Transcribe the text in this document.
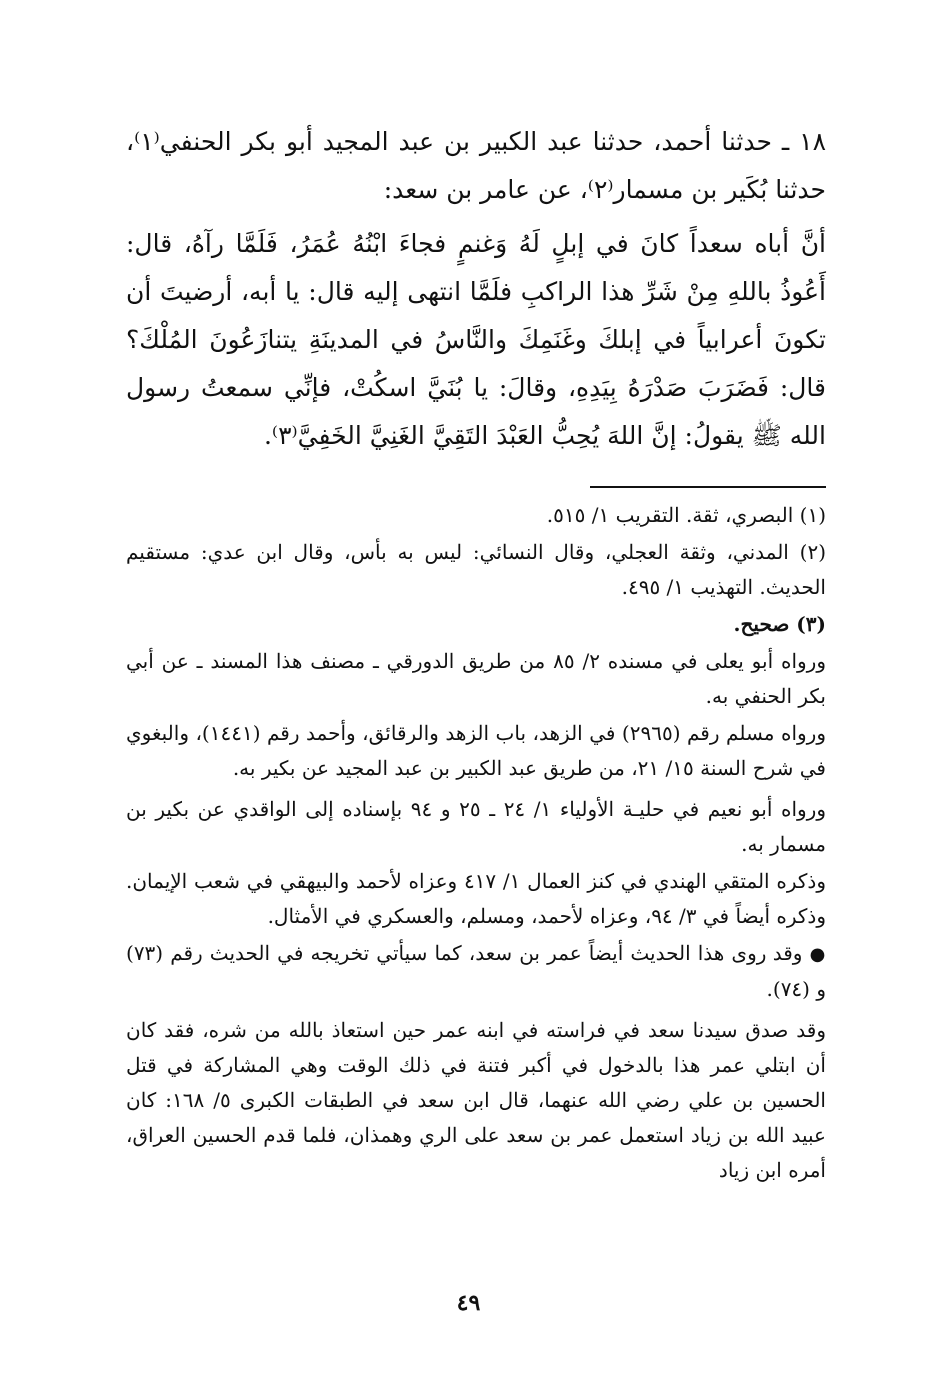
١٨ ـ حدثنا أحمد، حدثنا عبد الكبير بن عبد المجيد أبو بكر الحنفي⁽١⁾، حدثنا بُكَير بن مسمار⁽٢⁾، عن عامر بن سعد:

أنَّ أباه سعداً كانَ في إبلٍ لَهُ وَغنمٍ فجاءَ ابْنُهُ عُمَرُ، فَلَمَّا رآهُ، قال: أَعُوذُ باللهِ مِنْ شَرِّ هذا الراكبِ فلَمَّا انتهى إليه قال: يا أبه، أرضيتَ أن تكونَ أعرابياً في إبلكَ وغَنَمِكَ والنَّاسُ في المدينَةِ يتنازَعُونَ المُلْكَ؟ قال: فَضَرَبَ صَدْرَهُ بِيَدِهِ، وقالَ: يا بُنَيَّ اسكُتْ، فإنِّي سمعتُ رسول الله ﷺ يقولُ: إنَّ اللهَ يُحِبُّ العَبْدَ التَقِيَّ الغَنِيَّ الخَفِيَّ⁽٣⁾.

(١) البصري، ثقة. التقريب ١/ ٥١٥.

(٢) المدني، وثقة العجلي، وقال النسائي: ليس به بأس، وقال ابن عدي: مستقيم الحديث. التهذيب ١/ ٤٩٥.

(٣) صحيح.

ورواه أبو يعلى في مسنده ٢/ ٨٥ من طريق الدورقي ـ مصنف هذا المسند ـ عن أبي بكر الحنفي به.

ورواه مسلم رقم (٢٩٦٥) في الزهد، باب الزهد والرقائق، وأحمد رقم (١٤٤١)، والبغوي في شرح السنة ١٥/ ٢١، من طريق عبد الكبير بن عبد المجيد عن بكير به.

ورواه أبو نعيم في حليـة الأولياء ١/ ٢٤ ـ ٢٥ و ٩٤ بإسناده إلى الواقدي عن بكير بن مسمار به.

وذكره المتقي الهندي في كنز العمال ١/ ٤١٧ وعزاه لأحمد والبيهقي في شعب الإيمان. وذكره أيضاً في ٣/ ٩٤، وعزاه لأحمد، ومسلم، والعسكري في الأمثال.

● وقد روى هذا الحديث أيضاً عمر بن سعد، كما سيأتي تخريجه في الحديث رقم (٧٣) و (٧٤).

وقد صدق سيدنا سعد في فراسته في ابنه عمر حين استعاذ بالله من شره، فقد كان أن ابتلي عمر هذا بالدخول في أكبر فتنة في ذلك الوقت وهي المشاركة في قتل الحسين بن علي رضي الله عنهما، قال ابن سعد في الطبقات الكبرى ٥/ ١٦٨: كان عبيد الله بن زياد استعمل عمر بن سعد على الري وهمذان، فلما قدم الحسين العراق، أمره ابن زياد

٤٩
